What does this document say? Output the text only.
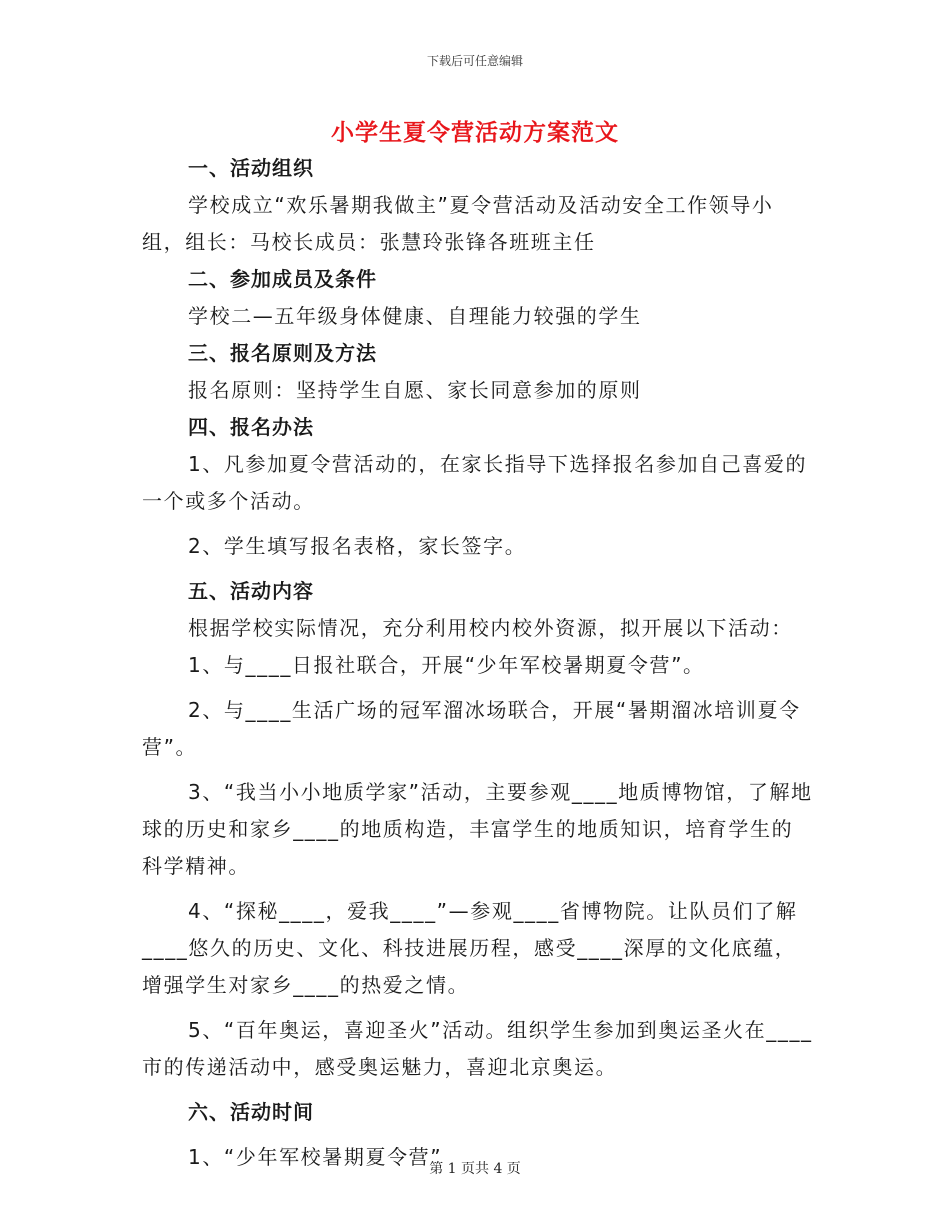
下载后可任意编辑
小学生夏令营活动方案范文

一、活动组织

学校成立“欢乐暑期我做主”夏令营活动及活动安全工作领导小组，组长：马校长成员：张慧玲张锋各班班主任

二、参加成员及条件

学校二—五年级身体健康、自理能力较强的学生

三、报名原则及方法

报名原则：坚持学生自愿、家长同意参加的原则

四、报名办法

1、凡参加夏令营活动的，在家长指导下选择报名参加自己喜爱的一个或多个活动。

2、学生填写报名表格，家长签字。

五、活动内容

根据学校实际情况，充分利用校内校外资源，拟开展以下活动：

1、与____日报社联合，开展“少年军校暑期夏令营”。

2、与____生活广场的冠军溜冰场联合，开展“暑期溜冰培训夏令营”。

3、“我当小小地质学家”活动，主要参观____地质博物馆，了解地球的历史和家乡____的地质构造，丰富学生的地质知识，培育学生的科学精神。

4、“探秘____，爱我____”—参观____省博物院。让队员们了解____悠久的历史、文化、科技进展历程，感受____深厚的文化底蕴，增强学生对家乡____的热爱之情。

5、“百年奥运，喜迎圣火”活动。组织学生参加到奥运圣火在____市的传递活动中，感受奥运魅力，喜迎北京奥运。

六、活动时间

1、“少年军校暑期夏令营”

第 1 页共 4 页
